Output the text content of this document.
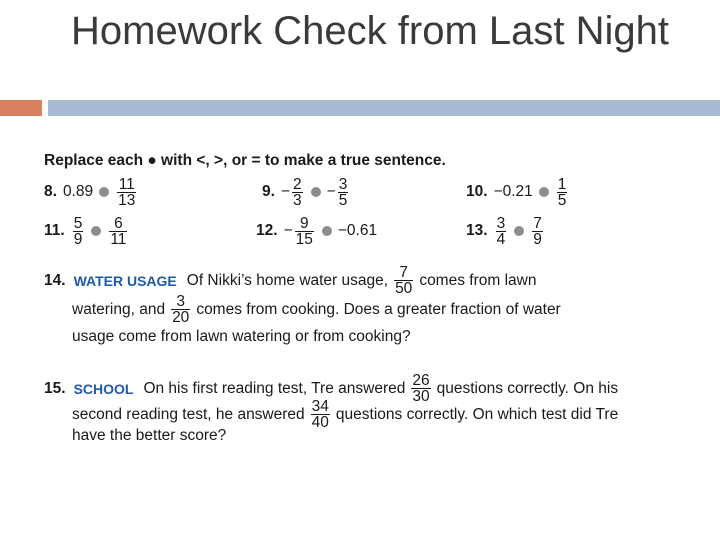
Homework Check from Last Night
Replace each ● with <, >, or = to make a true sentence.
8. $0.89 \frac{11}{13}$	9. − $\frac{2}{3} - \frac{3}{5}$	10. $-0.21 \frac{1}{5}$
11. $\frac{5}{9} \frac{6}{11}$	12. − $\frac{9}{15} -0.61$	13. $\frac{3}{4} \frac{7}{9}$
14. WATER USAGE Of Nikki’s home water usage, $\frac{7}{50}$ comes from lawn
watering, and $\frac{3}{20}$ comes from cooking. Does a greater fraction of water
usage come from lawn watering or from cooking?
15. SCHOOL On his first reading test, Tre answered $\frac{26}{30}$ questions correctly. On his
second reading test, he answered $\frac{34}{40}$ questions correctly. On which test did Tre
have the better score?
